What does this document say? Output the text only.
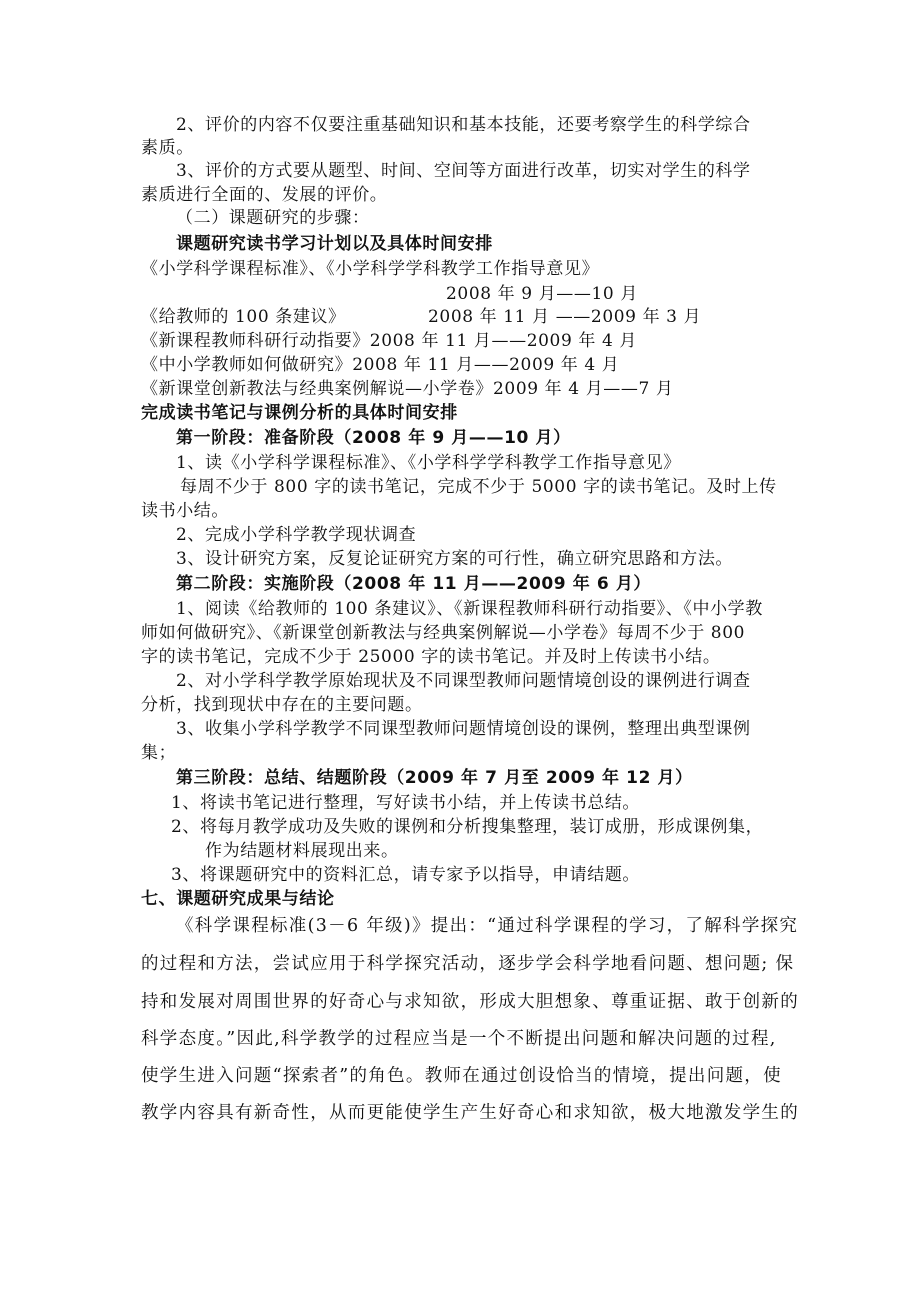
2、评价的内容不仅要注重基础知识和基本技能，还要考察学生的科学综合

素质。

3、评价的方式要从题型、时间、空间等方面进行改革，切实对学生的科学

素质进行全面的、发展的评价。

（二）课题研究的步骤：

课题研究读书学习计划以及具体时间安排

《小学科学课程标准》、《小学科学学科教学工作指导意见》

2008 年 9 月——10 月

《给教师的 100 条建议》	2008 年 11 月 ——2009 年 3 月

《新课程教师科研行动指要》2008 年 11 月——2009 年 4 月

《中小学教师如何做研究》2008 年 11 月——2009 年 4 月

《新课堂创新教法与经典案例解说—小学卷》2009 年 4 月——7 月

完成读书笔记与课例分析的具体时间安排

第一阶段：准备阶段（2008 年 9 月——10 月）

1、读《小学科学课程标准》、《小学科学学科教学工作指导意见》

每周不少于 800 字的读书笔记，完成不少于 5000 字的读书笔记。及时上传

读书小结。

2、完成小学科学教学现状调查

3、设计研究方案，反复论证研究方案的可行性，确立研究思路和方法。

第二阶段：实施阶段（2008 年 11 月——2009 年 6 月）

1、阅读《给教师的 100 条建议》、《新课程教师科研行动指要》、《中小学教

师如何做研究》、《新课堂创新教法与经典案例解说—小学卷》每周不少于 800

字的读书笔记，完成不少于 25000 字的读书笔记。并及时上传读书小结。

2、对小学科学教学原始现状及不同课型教师问题情境创设的课例进行调查

分析，找到现状中存在的主要问题。

3、收集小学科学教学不同课型教师问题情境创设的课例，整理出典型课例

集；

第三阶段：总结、结题阶段（2009 年 7 月至 2009 年 12 月）

1、将读书笔记进行整理，写好读书小结，并上传读书总结。

2、将每月教学成功及失败的课例和分析搜集整理，装订成册，形成课例集，

作为结题材料展现出来。

3、将课题研究中的资料汇总，请专家予以指导，申请结题。

七、课题研究成果与结论

《科学课程标准(3－6 年级)》提出：“通过科学课程的学习，了解科学探究

的过程和方法，尝试应用于科学探究活动，逐步学会科学地看问题、想问题; 保

持和发展对周围世界的好奇心与求知欲，形成大胆想象、尊重证据、敢于创新的

科学态度。”因此,科学教学的过程应当是一个不断提出问题和解决问题的过程,

使学生进入问题“探索者”的角色。教师在通过创设恰当的情境，提出问题，使

教学内容具有新奇性，从而更能使学生产生好奇心和求知欲，极大地激发学生的
